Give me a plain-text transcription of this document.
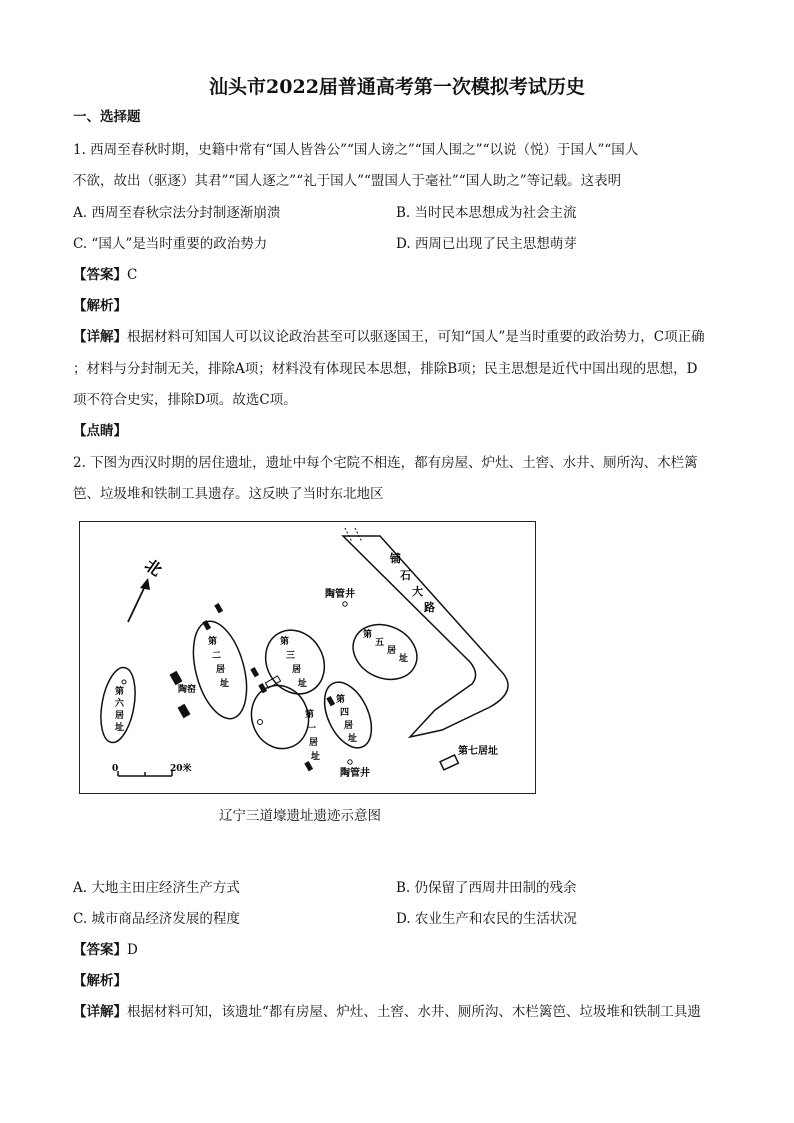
汕头市2022届普通高考第一次模拟考试历史
一、选择题
1. 西周至春秋时期，史籍中常有“国人皆咎公”“国人谤之”“国人围之”“以说（悦）于国人”“国人
不欲，故出（驱逐）其君”“国人逐之”“礼于国人”“盟国人于毫社”“国人助之”等记载。这表明
A. 西周至春秋宗法分封制逐渐崩溃	B. 当时民本思想成为社会主流
C. “国人”是当时重要的政治势力	D. 西周已出现了民主思想萌芽
【答案】C
【解析】
【详解】根据材料可知国人可以议论政治甚至可以驱逐国王，可知“国人”是当时重要的政治势力，C项正确
；材料与分封制无关，排除A项；材料没有体现民本思想，排除B项；民主思想是近代中国出现的思想，D
项不符合史实，排除D项。故选C项。
【点睛】
2. 下图为西汉时期的居住遗址，遗址中每个宅院不相连，都有房屋、炉灶、土窖、水井、厕所沟、木栏篱
笆、垃圾堆和铁制工具遗存。这反映了当时东北地区
北	铺
石
大
路
陶管井
陶管井
第
六
居
址
陶窑
第
二
居
址
第
三
居
址
第
一
居
址
第
四
居
址
第
五
居
址
第七居址
0	20米
辽宁三道壕遗址遗迹示意图
A. 大地主田庄经济生产方式	B. 仍保留了西周井田制的残余
C. 城市商品经济发展的程度	D. 农业生产和农民的生活状况
【答案】D
【解析】
【详解】根据材料可知，该遗址“都有房屋、炉灶、土窖、水井、厕所沟、木栏篱笆、垃圾堆和铁制工具遗
